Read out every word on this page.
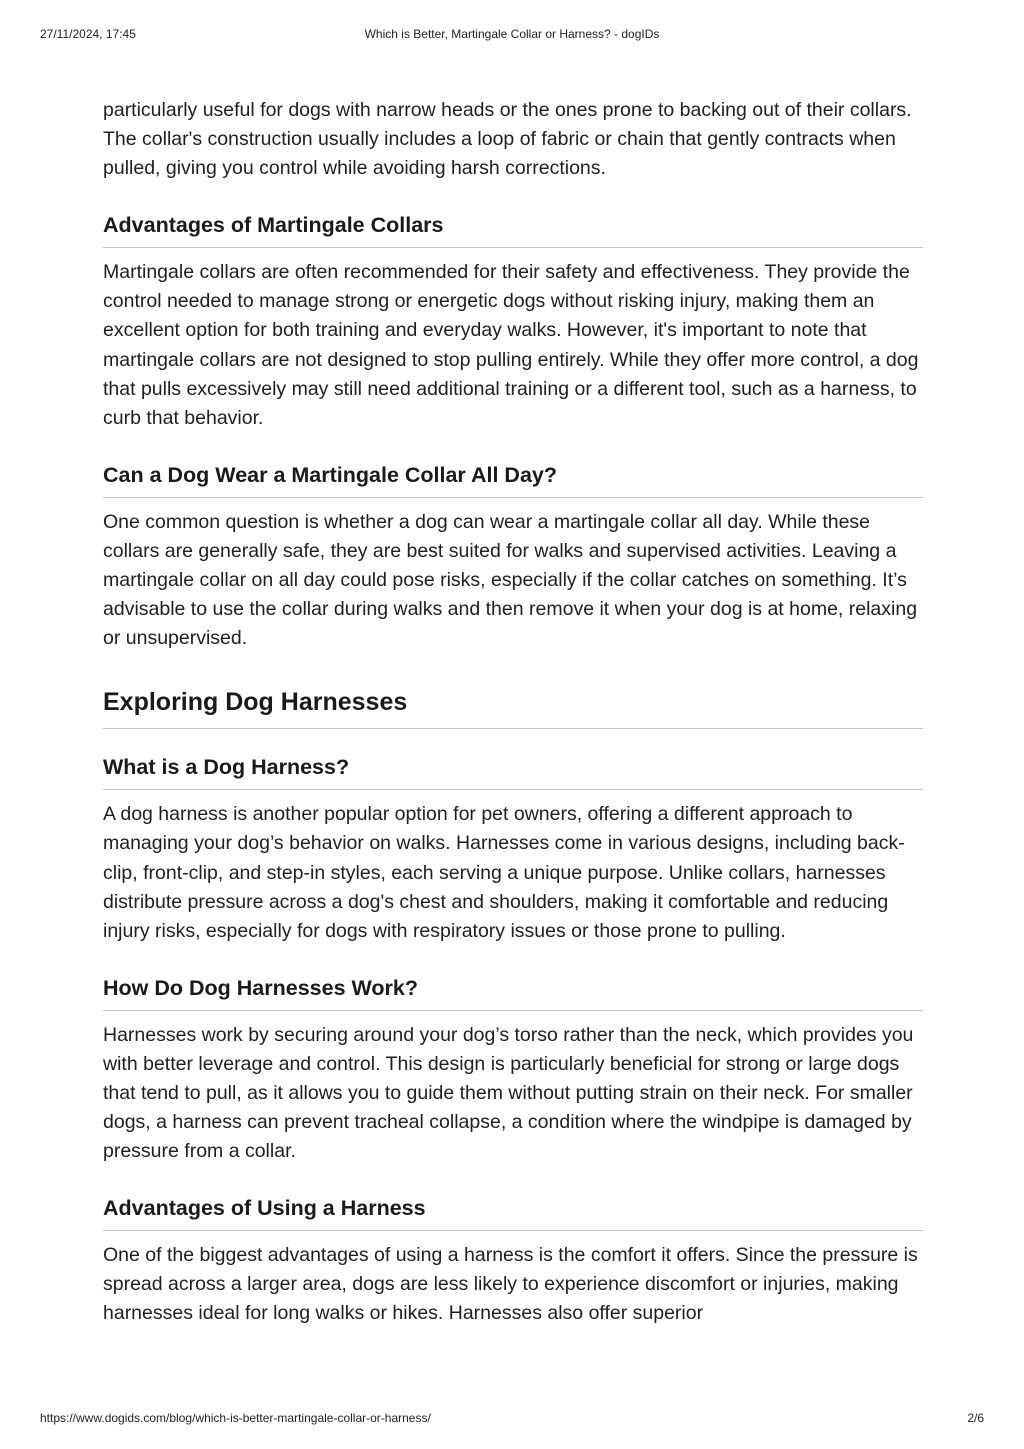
27/11/2024, 17:45	Which is Better, Martingale Collar or Harness? - dogIDs

particularly useful for dogs with narrow heads or the ones prone to backing out of their collars. The collar's construction usually includes a loop of fabric or chain that gently contracts when pulled, giving you control while avoiding harsh corrections.

Advantages of Martingale Collars

Martingale collars are often recommended for their safety and effectiveness. They provide the control needed to manage strong or energetic dogs without risking injury, making them an excellent option for both training and everyday walks. However, it's important to note that martingale collars are not designed to stop pulling entirely. While they offer more control, a dog that pulls excessively may still need additional training or a different tool, such as a harness, to curb that behavior.

Can a Dog Wear a Martingale Collar All Day?

One common question is whether a dog can wear a martingale collar all day. While these collars are generally safe, they are best suited for walks and supervised activities. Leaving a martingale collar on all day could pose risks, especially if the collar catches on something. It’s advisable to use the collar during walks and then remove it when your dog is at home, relaxing or unsupervised.

Exploring Dog Harnesses
What is a Dog Harness?

A dog harness is another popular option for pet owners, offering a different approach to managing your dog’s behavior on walks. Harnesses come in various designs, including back-clip, front-clip, and step-in styles, each serving a unique purpose. Unlike collars, harnesses distribute pressure across a dog's chest and shoulders, making it comfortable and reducing injury risks, especially for dogs with respiratory issues or those prone to pulling.

How Do Dog Harnesses Work?

Harnesses work by securing around your dog’s torso rather than the neck, which provides you with better leverage and control. This design is particularly beneficial for strong or large dogs that tend to pull, as it allows you to guide them without putting strain on their neck. For smaller dogs, a harness can prevent tracheal collapse, a condition where the windpipe is damaged by pressure from a collar.

Advantages of Using a Harness

One of the biggest advantages of using a harness is the comfort it offers. Since the pressure is spread across a larger area, dogs are less likely to experience discomfort or injuries, making harnesses ideal for long walks or hikes. Harnesses also offer superior

https://www.dogids.com/blog/which-is-better-martingale-collar-or-harness/	2/6
